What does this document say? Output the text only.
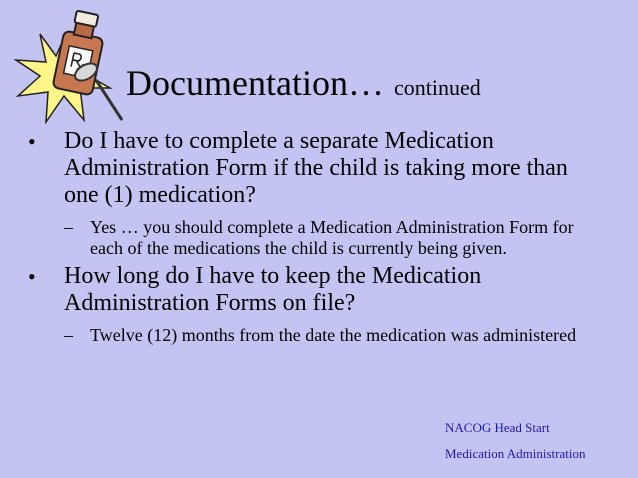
Documentation… continued
•	Do I have to complete a separate Medication Administration Form if the child is taking more than one (1) medication?
– Yes … you should complete a Medication Administration Form for each of the medications the child is currently being given.
•	How long do I have to keep the Medication Administration Forms on file?
– Twelve (12) months from the date the medication was administered
NACOG Head Start
Medication Administration
